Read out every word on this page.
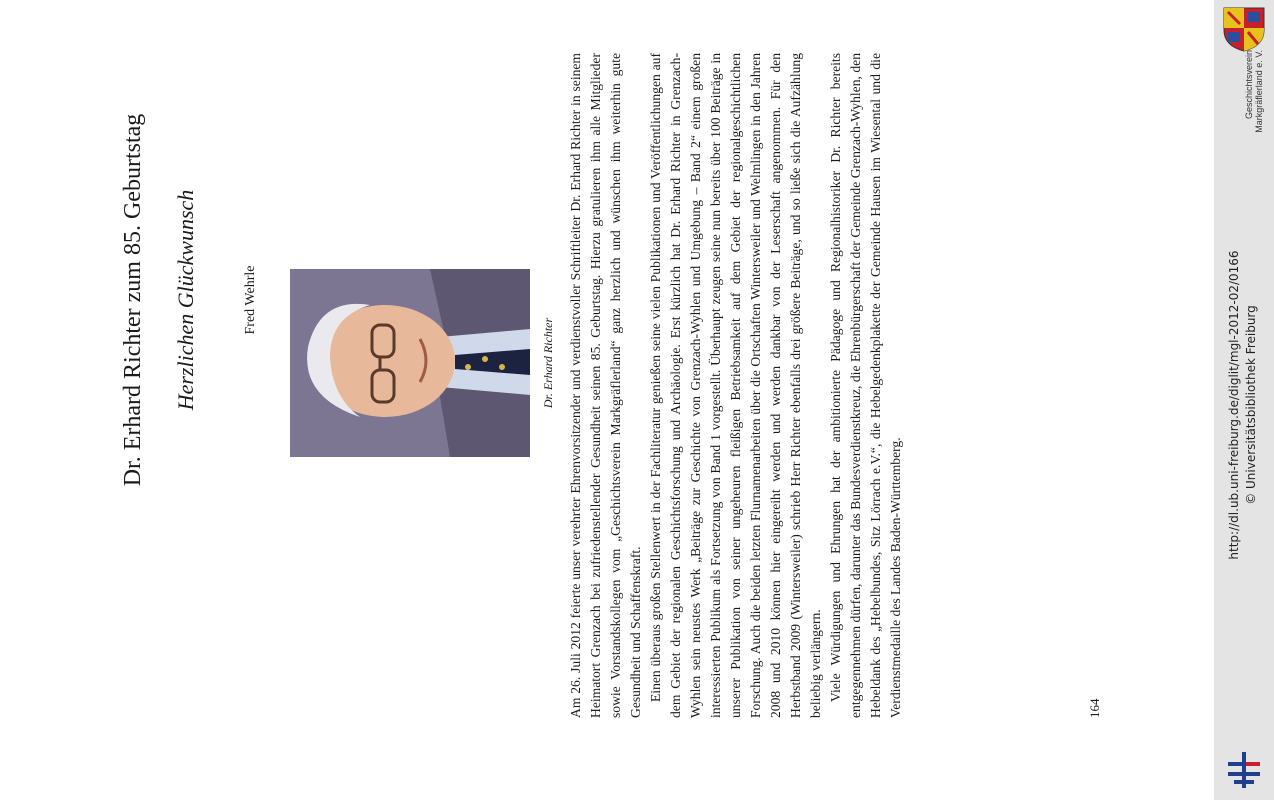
Dr. Erhard Richter zum 85. Geburtstag Herzlichen Glückwunsch	Fred Wehrle
Dr. Erhard Richter Am 26. Juli 2012 feierte unser verehrter Ehrenvorsitzender und verdienstvoller Schriftleiter Dr. Erhard Richter in seinem Heimatort Grenzach bei zufriedenstellender Gesundheit seinen 85. Geburtstag. Hierzu gratulieren ihm alle Mitglieder sowie Vorstandskollegen vom „Geschichtsverein Markgräflerland“ ganz herzlich und wünschen ihm weiterhin gute Gesundheit und Schaffenskraft. Einen überaus großen Stellenwert in der Fachliteratur genießen seine vielen Publikationen und Veröffentlichungen auf dem Gebiet der regionalen Geschichtsforschung und Archäologie. Erst kürzlich hat Dr. Erhard Richter in Grenzach-Wyhlen sein neustes Werk „Beiträge zur Geschichte von Grenzach-Wyhlen und Umgebung – Band 2“ einem großen interessierten Publikum als Fortsetzung von Band 1 vorgestellt. Überhaupt zeugen seine nun bereits über 100 Beiträge in unserer Publikation von seiner ungeheuren fleißigen Betriebsamkeit auf dem Gebiet der regionalgeschichtlichen Forschung. Auch die beiden letzten Flurnamenarbeiten über die Ortschaften Wintersweiler und Welmlingen in den Jahren 2008 und 2010 können hier eingereiht werden und werden dankbar von der Leserschaft angenommen. Für den Herbstband 2009 (Wintersweiler) schrieb Herr Richter ebenfalls drei größere Beiträge, und so ließe sich die Aufzählung beliebig verlängern. Viele Würdigungen und Ehrungen hat der ambitionierte Pädagoge und Regionalhistoriker Dr. Richter bereits entgegennehmen dürfen, darunter das Bundesverdienstkreuz, die Ehrenbürgerschaft der Gemeinde Grenzach-Wyhlen, den Hebeldank des „Hebelbundes, Sitz Lörrach e.V.“, die Hebelgedenkplakette der Gemeinde Hausen im Wiesental und die Verdienstmedaille des Landes Baden-Württemberg.	164
Geschichtsverein Markgräflerland e. V.
http://dl.ub.uni-freiburg.de/diglit/mgl-2012-02/0166 © Universitätsbibliothek Freiburg
